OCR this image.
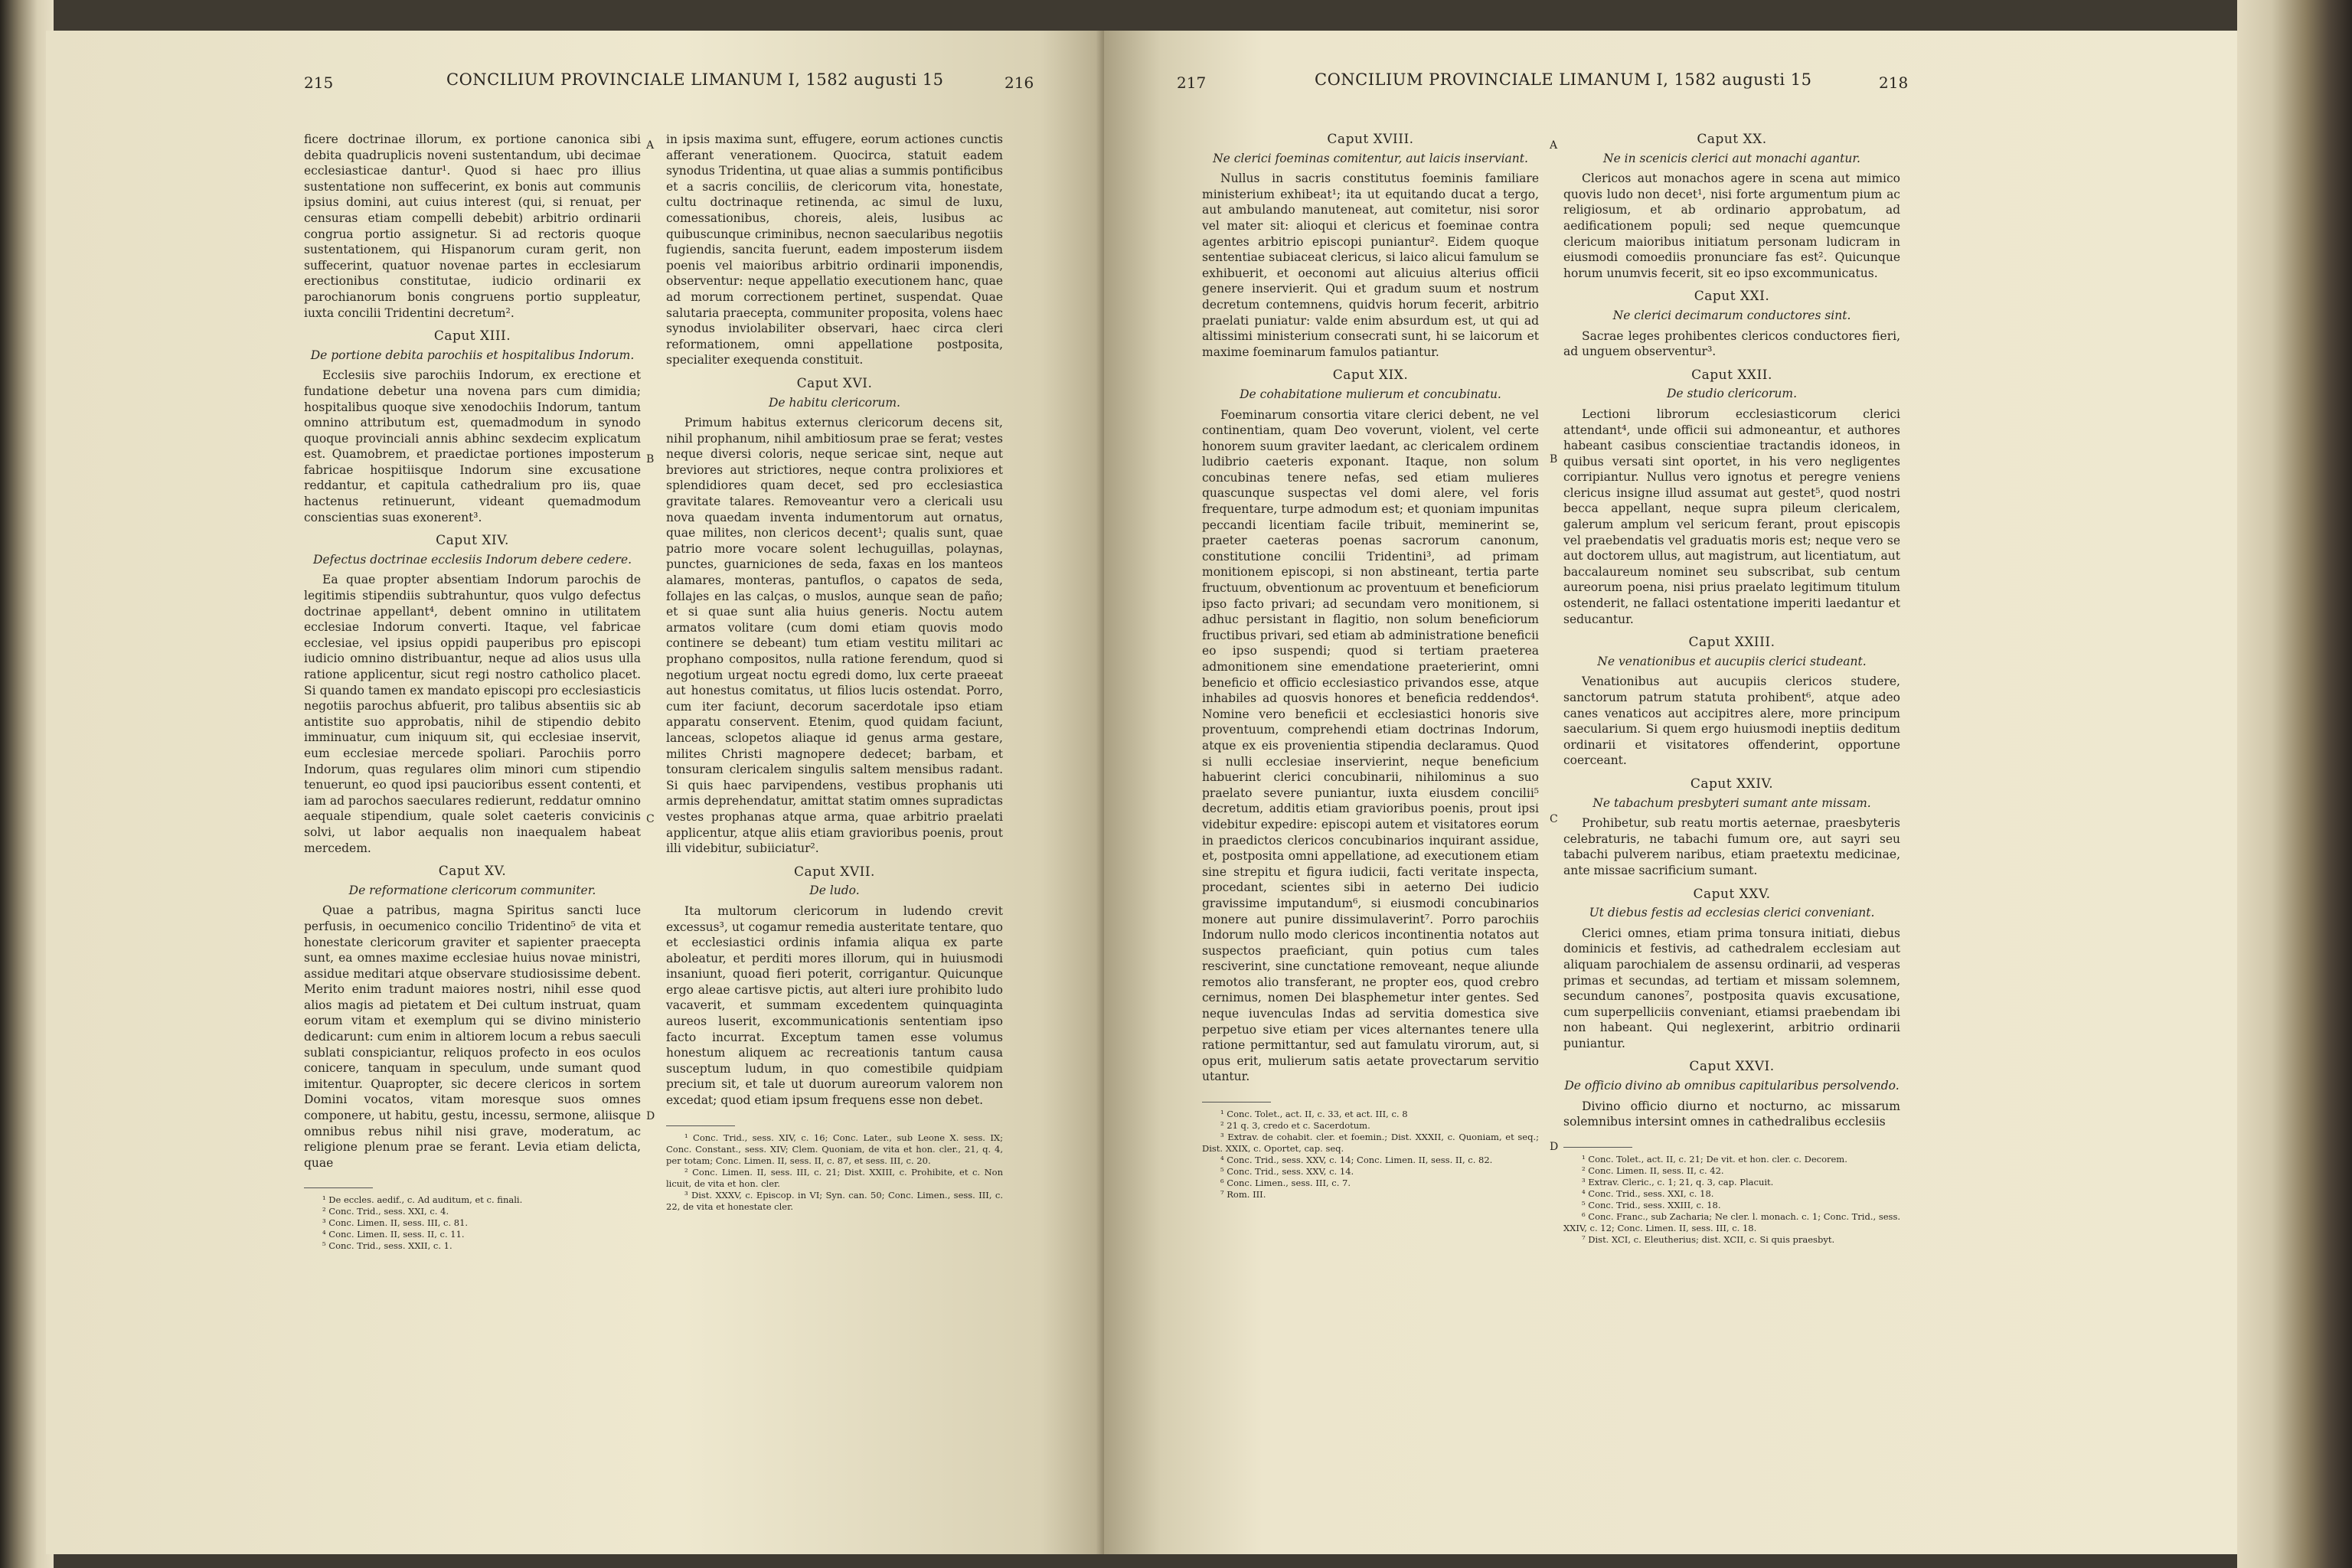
215	CONCILIUM PROVINCIALE LIMANUM I, 1582 augusti 15	216

ficere doctrinae illorum, ex portione canonica sibi debita quadruplicis noveni sustentandum, ubi decimae ecclesiasticae dantur¹. Quod si haec pro illius sustentatione non suffecerint, ex bonis aut communis ipsius domini, aut cuius interest (qui, si renuat, per censuras etiam compelli debebit) arbitrio ordinarii congrua portio assignetur. Si ad rectoris quoque sustentationem, qui Hispanorum curam gerit, non suffecerint, quatuor novenae partes in ecclesiarum erectionibus constitutae, iudicio ordinarii ex parochianorum bonis congruens portio suppleatur, iuxta concilii Tridentini decretum².

Caput XIII.
De portione debita parochiis et hospitalibus Indorum.

Ecclesiis sive parochiis Indorum, ex erectione et fundatione debetur una novena pars cum dimidia; hospitalibus quoque sive xenodochiis Indorum, tantum omnino attributum est, quemadmodum in synodo quoque provinciali annis abhinc sexdecim explicatum est. Quamobrem, et praedictae portiones imposterum fabricae hospitiisque Indorum sine excusatione reddantur, et capitula cathedralium pro iis, quae hactenus retinuerunt, videant quemadmodum conscientias suas exonerent³.

Caput XIV.
Defectus doctrinae ecclesiis Indorum debere cedere.

Ea quae propter absentiam Indorum parochis de legitimis stipendiis subtrahuntur, quos vulgo defectus doctrinae appellant⁴, debent omnino in utilitatem ecclesiae Indorum converti. Itaque, vel fabricae ecclesiae, vel ipsius oppidi pauperibus pro episcopi iudicio omnino distribuantur, neque ad alios usus ulla ratione applicentur, sicut regi nostro catholico placet. Si quando tamen ex mandato episcopi pro ecclesiasticis negotiis parochus abfuerit, pro talibus absentiis sic ab antistite suo approbatis, nihil de stipendio debito imminuatur, cum iniquum sit, qui ecclesiae inservit, eum ecclesiae mercede spoliari. Parochiis porro Indorum, quas regulares olim minori cum stipendio tenuerunt, eo quod ipsi paucioribus essent contenti, et iam ad parochos saeculares redierunt, reddatur omnino aequale stipendium, quale solet caeteris convicinis solvi, ut labor aequalis non inaequalem habeat mercedem.

Caput XV.
De reformatione clericorum communiter.

Quae a patribus, magna Spiritus sancti luce perfusis, in oecumenico concilio Tridentino⁵ de vita et honestate clericorum graviter et sapienter praecepta sunt, ea omnes maxime ecclesiae huius novae ministri, assidue meditari atque observare studiosissime debent. Merito enim tradunt maiores nostri, nihil esse quod alios magis ad pietatem et Dei cultum instruat, quam eorum vitam et exemplum qui se divino ministerio dedicarunt: cum enim in altiorem locum a rebus saeculi sublati conspiciantur, reliquos profecto in eos oculos conicere, tanquam in speculum, unde sumant quod imitentur. Quapropter, sic decere clericos in sortem Domini vocatos, vitam moresque suos omnes componere, ut habitu, gestu, incessu, sermone, aliisque omnibus rebus nihil nisi grave, moderatum, ac religione plenum prae se ferant. Levia etiam delicta, quae

¹ De eccles. aedif., c. Ad auditum, et c. finali.

² Conc. Trid., sess. XXI, c. 4.

³ Conc. Limen. II, sess. III, c. 81.

⁴ Conc. Limen. II, sess. II, c. 11.

⁵ Conc. Trid., sess. XXII, c. 1.

A
B
C
D

in ipsis maxima sunt, effugere, eorum actiones cunctis afferant venerationem. Quocirca, statuit eadem synodus Tridentina, ut quae alias a summis pontificibus et a sacris conciliis, de clericorum vita, honestate, cultu doctrinaque retinenda, ac simul de luxu, comessationibus, choreis, aleis, lusibus ac quibuscunque criminibus, necnon saecularibus negotiis fugiendis, sancita fuerunt, eadem imposterum iisdem poenis vel maioribus arbitrio ordinarii imponendis, observentur: neque appellatio executionem hanc, quae ad morum correctionem pertinet, suspendat. Quae salutaria praecepta, communiter proposita, volens haec synodus inviolabiliter observari, haec circa cleri reformationem, omni appellatione postposita, specialiter exequenda constituit.

Caput XVI.
De habitu clericorum.

Primum habitus externus clericorum decens sit, nihil prophanum, nihil ambitiosum prae se ferat; vestes neque diversi coloris, neque sericae sint, neque aut breviores aut strictiores, neque contra prolixiores et splendidiores quam decet, sed pro ecclesiastica gravitate talares. Removeantur vero a clericali usu nova quaedam inventa indumentorum aut ornatus, quae milites, non clericos decent¹; qualis sunt, quae patrio more vocare solent lechuguillas, polaynas, punctes, guarniciones de seda, faxas en los manteos alamares, monteras, pantuflos, o capatos de seda, follajes en las calças, o muslos, aunque sean de paño; et si quae sunt alia huius generis. Noctu autem armatos volitare (cum domi etiam quovis modo continere se debeant) tum etiam vestitu militari ac prophano compositos, nulla ratione ferendum, quod si negotium urgeat noctu egredi domo, lux certe praeeat aut honestus comitatus, ut filios lucis ostendat. Porro, cum iter faciunt, decorum sacerdotale ipso etiam apparatu conservent. Etenim, quod quidam faciunt, lanceas, sclopetos aliaque id genus arma gestare, milites Christi magnopere dedecet; barbam, et tonsuram clericalem singulis saltem mensibus radant. Si quis haec parvipendens, vestibus prophanis uti armis deprehendatur, amittat statim omnes supradictas vestes prophanas atque arma, quae arbitrio praelati applicentur, atque aliis etiam gravioribus poenis, prout illi videbitur, subiiciatur².

Caput XVII.
De ludo.

Ita multorum clericorum in ludendo crevit excessus³, ut cogamur remedia austeritate tentare, quo et ecclesiastici ordinis infamia aliqua ex parte aboleatur, et perditi mores illorum, qui in huiusmodi insaniunt, quoad fieri poterit, corrigantur. Quicunque ergo aleae cartisve pictis, aut alteri iure prohibito ludo vacaverit, et summam excedentem quinquaginta aureos luserit, excommunicationis sententiam ipso facto incurrat. Exceptum tamen esse volumus honestum aliquem ac recreationis tantum causa susceptum ludum, in quo comestibile quidpiam precium sit, et tale ut duorum aureorum valorem non excedat; quod etiam ipsum frequens esse non debet.

¹ Conc. Trid., sess. XIV, c. 16; Conc. Later., sub Leone X. sess. IX; Conc. Constant., sess. XIV; Clem. Quoniam, de vita et hon. cler., 21, q. 4, per totam; Conc. Limen. II, sess. II, c. 87, et sess. III, c. 20.

² Conc. Limen. II, sess. III, c. 21; Dist. XXIII, c. Prohibite, et c. Non licuit, de vita et hon. cler.

³ Dist. XXXV, c. Episcop. in VI; Syn. can. 50; Conc. Limen., sess. III, c. 22, de vita et honestate cler.

217	CONCILIUM PROVINCIALE LIMANUM I, 1582 augusti 15	218
Caput XVIII.
Ne clerici foeminas comitentur, aut laicis inserviant.

Nullus in sacris constitutus foeminis familiare ministerium exhibeat¹; ita ut equitando ducat a tergo, aut ambulando manuteneat, aut comitetur, nisi soror vel mater sit: alioqui et clericus et foeminae contra agentes arbitrio episcopi puniantur². Eidem quoque sententiae subiaceat clericus, si laico alicui famulum se exhibuerit, et oeconomi aut alicuius alterius officii genere inservierit. Qui et gradum suum et nostrum decretum contemnens, quidvis horum fecerit, arbitrio praelati puniatur: valde enim absurdum est, ut qui ad altissimi ministerium consecrati sunt, hi se laicorum et maxime foeminarum famulos patiantur.

Caput XIX.
De cohabitatione mulierum et concubinatu.

Foeminarum consortia vitare clerici debent, ne vel continentiam, quam Deo voverunt, violent, vel certe honorem suum graviter laedant, ac clericalem ordinem ludibrio caeteris exponant. Itaque, non solum concubinas tenere nefas, sed etiam mulieres quascunque suspectas vel domi alere, vel foris frequentare, turpe admodum est; et quoniam impunitas peccandi licentiam facile tribuit, meminerint se, praeter caeteras poenas sacrorum canonum, constitutione concilii Tridentini³, ad primam monitionem episcopi, si non abstineant, tertia parte fructuum, obventionum ac proventuum et beneficiorum ipso facto privari; ad secundam vero monitionem, si adhuc persistant in flagitio, non solum beneficiorum fructibus privari, sed etiam ab administratione beneficii eo ipso suspendi; quod si tertiam praeterea admonitionem sine emendatione praeterierint, omni beneficio et officio ecclesiastico privandos esse, atque inhabiles ad quosvis honores et beneficia reddendos⁴. Nomine vero beneficii et ecclesiastici honoris sive proventuum, comprehendi etiam doctrinas Indorum, atque ex eis provenientia stipendia declaramus. Quod si nulli ecclesiae inservierint, neque beneficium habuerint clerici concubinarii, nihilominus a suo praelato severe puniantur, iuxta eiusdem concilii⁵ decretum, additis etiam gravioribus poenis, prout ipsi videbitur expedire: episcopi autem et visitatores eorum in praedictos clericos concubinarios inquirant assidue, et, postposita omni appellatione, ad executionem etiam sine strepitu et figura iudicii, facti veritate inspecta, procedant, scientes sibi in aeterno Dei iudicio gravissime imputandum⁶, si eiusmodi concubinarios monere aut punire dissimulaverint⁷. Porro parochiis Indorum nullo modo clericos incontinentia notatos aut suspectos praeficiant, quin potius cum tales resciverint, sine cunctatione removeant, neque aliunde remotos alio transferant, ne propter eos, quod crebro cernimus, nomen Dei blasphemetur inter gentes. Sed neque iuvenculas Indas ad servitia domestica sive perpetuo sive etiam per vices alternantes tenere ulla ratione permittantur, sed aut famulatu virorum, aut, si opus erit, mulierum satis aetate provectarum servitio utantur.

¹ Conc. Tolet., act. II, c. 33, et act. III, c. 8

² 21 q. 3, credo et c. Sacerdotum.

³ Extrav. de cohabit. cler. et foemin.; Dist. XXXII, c. Quoniam, et seq.; Dist. XXIX, c. Oportet, cap. seq.

⁴ Conc. Trid., sess. XXV, c. 14; Conc. Limen. II, sess. II, c. 82.

⁵ Conc. Trid., sess. XXV, c. 14.

⁶ Conc. Limen., sess. III, c. 7.

⁷ Rom. III.

A
B
C
D
Caput XX.
Ne in scenicis clerici aut monachi agantur.

Clericos aut monachos agere in scena aut mimico quovis ludo non decet¹, nisi forte argumentum pium ac religiosum, et ab ordinario approbatum, ad aedificationem populi; sed neque quemcunque clericum maioribus initiatum personam ludicram in eiusmodi comoediis pronunciare fas est². Quicunque horum unumvis fecerit, sit eo ipso excommunicatus.

Caput XXI.
Ne clerici decimarum conductores sint.

Sacrae leges prohibentes clericos conductores fieri, ad unguem observentur³.

Caput XXII.
De studio clericorum.

Lectioni librorum ecclesiasticorum clerici attendant⁴, unde officii sui admoneantur, et authores habeant casibus conscientiae tractandis idoneos, in quibus versati sint oportet, in his vero negligentes corripiantur. Nullus vero ignotus et peregre veniens clericus insigne illud assumat aut gestet⁵, quod nostri becca appellant, neque supra pileum clericalem, galerum amplum vel sericum ferant, prout episcopis vel praebendatis vel graduatis moris est; neque vero se aut doctorem ullus, aut magistrum, aut licentiatum, aut baccalaureum nominet seu subscribat, sub centum aureorum poena, nisi prius praelato legitimum titulum ostenderit, ne fallaci ostentatione imperiti laedantur et seducantur.

Caput XXIII.
Ne venationibus et aucupiis clerici studeant.

Venationibus aut aucupiis clericos studere, sanctorum patrum statuta prohibent⁶, atque adeo canes venaticos aut accipitres alere, more principum saecularium. Si quem ergo huiusmodi ineptiis deditum ordinarii et visitatores offenderint, opportune coerceant.

Caput XXIV.
Ne tabachum presbyteri sumant ante missam.

Prohibetur, sub reatu mortis aeternae, praesbyteris celebraturis, ne tabachi fumum ore, aut sayri seu tabachi pulverem naribus, etiam praetextu medicinae, ante missae sacrificium sumant.

Caput XXV.
Ut diebus festis ad ecclesias clerici conveniant.

Clerici omnes, etiam prima tonsura initiati, diebus dominicis et festivis, ad cathedralem ecclesiam aut aliquam parochialem de assensu ordinarii, ad vesperas primas et secundas, ad tertiam et missam solemnem, secundum canones⁷, postposita quavis excusatione, cum superpelliciis conveniant, etiamsi praebendam ibi non habeant. Qui neglexerint, arbitrio ordinarii puniantur.

Caput XXVI.
De officio divino ab omnibus capitularibus persolvendo.

Divino officio diurno et nocturno, ac missarum solemnibus intersint omnes in cathedralibus ecclesiis

¹ Conc. Tolet., act. II, c. 21; De vit. et hon. cler. c. Decorem.

² Conc. Limen. II, sess. II, c. 42.

³ Extrav. Cleric., c. 1; 21, q. 3, cap. Placuit.

⁴ Conc. Trid., sess. XXI, c. 18.

⁵ Conc. Trid., sess. XXIII, c. 18.

⁶ Conc. Franc., sub Zacharia; Ne cler. l. monach. c. 1; Conc. Trid., sess. XXIV, c. 12; Conc. Limen. II, sess. III, c. 18.

⁷ Dist. XCI, c. Eleutherius; dist. XCII, c. Si quis praesbyt.
